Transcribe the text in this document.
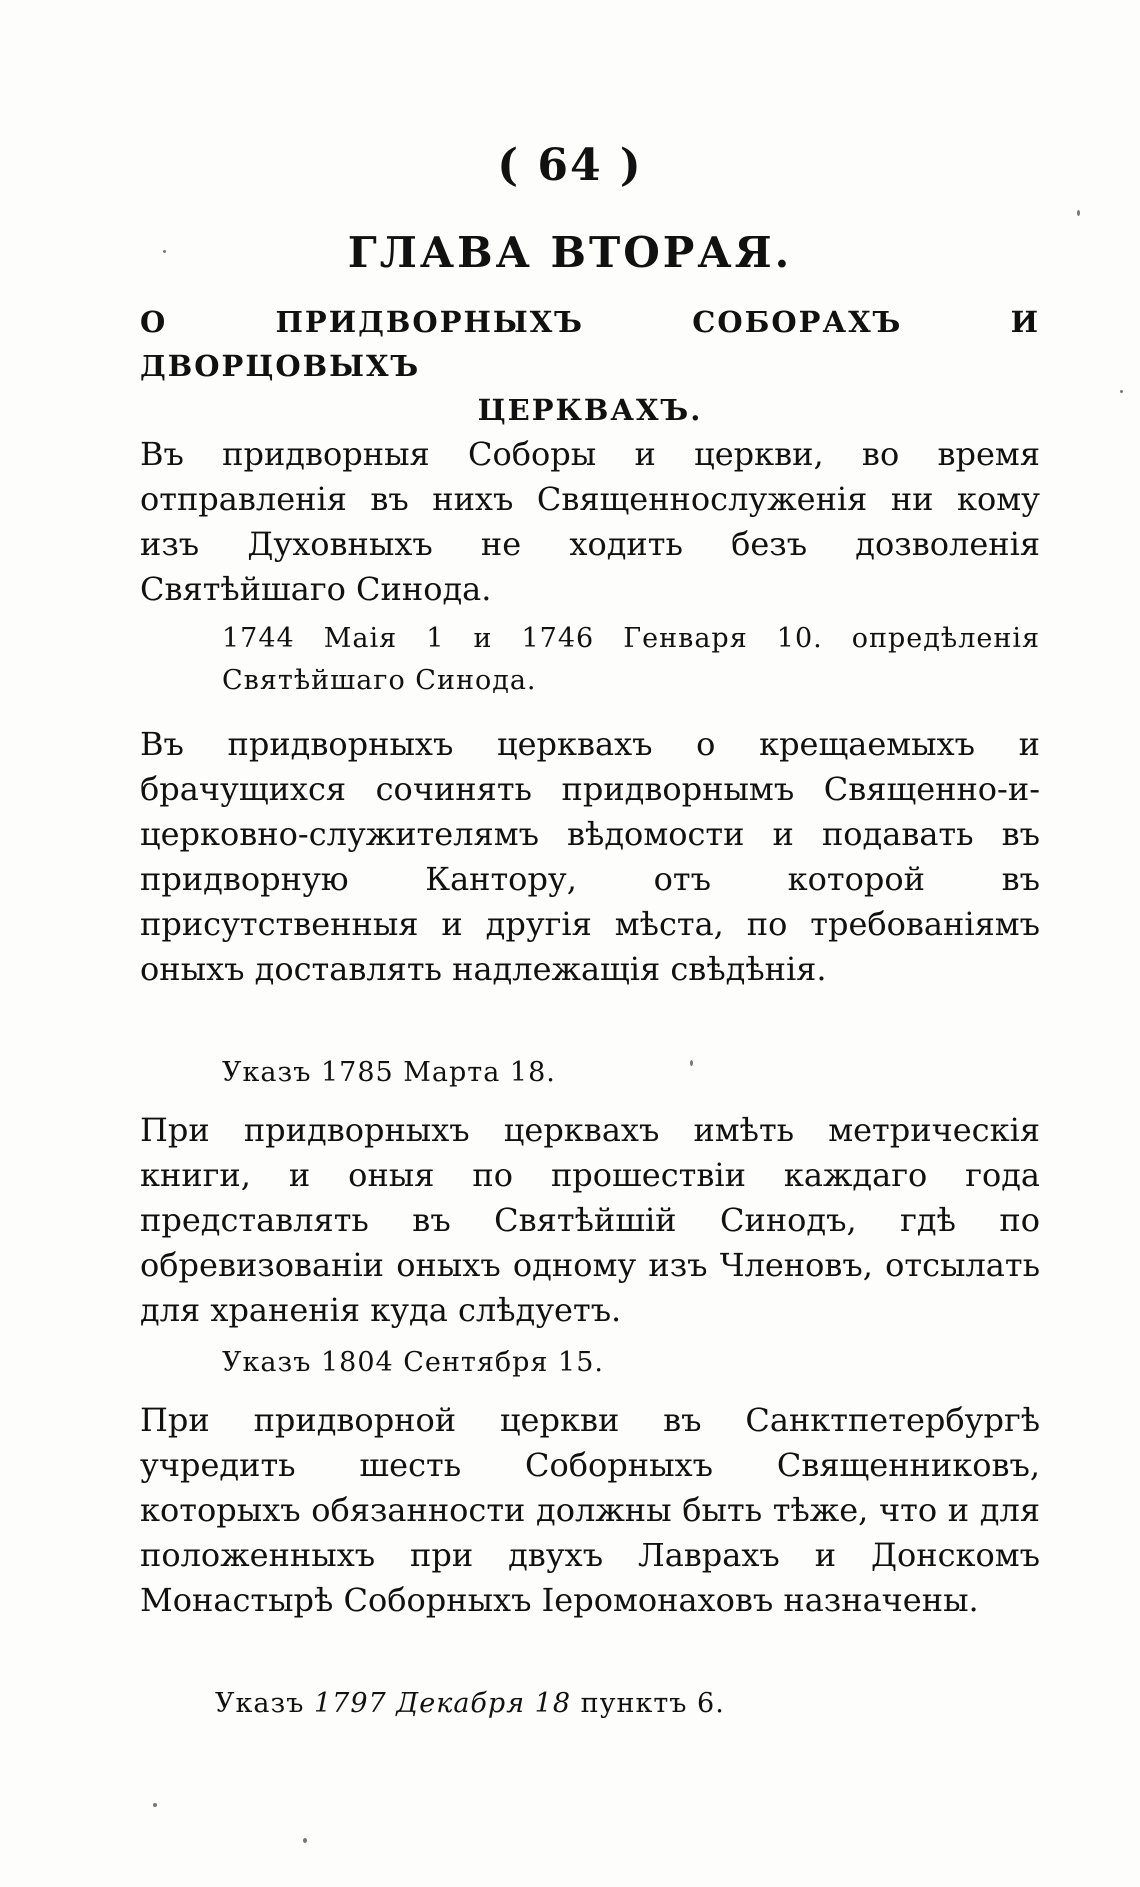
( 64 )
ГЛАВА ВТОРАЯ.
О ПРИДВОРНЫХЪ СОБОРАХЪ И ДВОРЦОВЫХЪ
ЦЕРКВАХЪ.
Въ придворныя Соборы и церкви, во время отправленія въ нихъ Священнослуженія ни кому изъ Духовныхъ не ходить безъ дозволенія Святѣйшаго Синода.
1744 Маія 1 и 1746 Генваря 10. опредѣленія Святѣйшаго Синода.
Въ придворныхъ церквахъ о крещаемыхъ и брачущихся сочинять придворнымъ Священно-и-церковно-служителямъ вѣдомости и подавать въ придворную Кантору, отъ которой въ присутственныя и другія мѣста, по требованіямъ оныхъ доставлять надлежащія свѣдѣнія.
Указъ 1785 Марта 18.
При придворныхъ церквахъ имѣть метрическія книги, и оныя по прошествіи каждаго года представлять въ Святѣйшій Синодъ, гдѣ по обревизованіи оныхъ одному изъ Членовъ, отсылать для храненія куда слѣдуетъ.
Указъ 1804 Сентября 15.
При придворной церкви въ Санктпетербургѣ учредить шесть Соборныхъ Священниковъ, которыхъ обязанности должны быть тѣже, что и для положенныхъ при двухъ Лаврахъ и Донскомъ Монастырѣ Соборныхъ Іеромонаховъ назначены.
Указъ 1797 Декабря 18 пунктъ 6.
